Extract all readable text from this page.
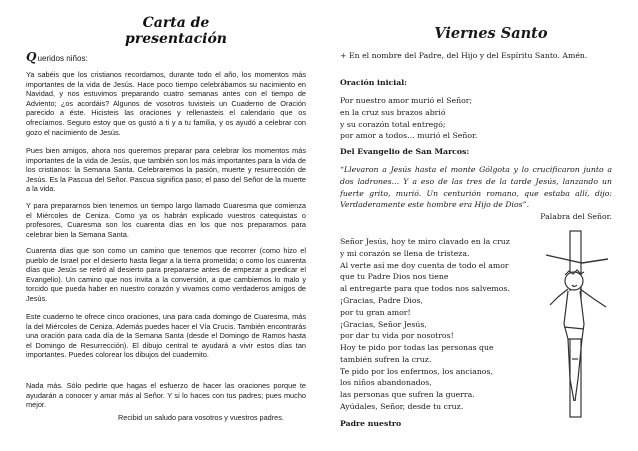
Carta de presentación
Queridos niños:

Ya sabéis que los cristianos recordamos, durante todo el año, los momentos más importantes de la vida de Jesús. Hace poco tiempo celebrábamos su nacimiento en Navidad, y nos estuvimos preparando cuatro semanas antes con el tiempo de Adviento; ¿os acordáis? Algunos de vosotros tuvisteis un Cuaderno de Oración parecido a éste. Hicisteis las oraciones y rellenasteis el calendario que os ofrecíamos. Seguro estoy que os gustó a ti y a tu familia, y os ayudó a celebrar con gozo el nacimiento de Jesús.

Pues bien amigos, ahora nos queremos preparar para celebrar los momentos más importantes de la vida de Jesús, que también son los más importantes para la vida de los cristianos: la Semana Santa. Celebraremos la pasión, muerte y resurrección de Jesús. Es la Pascua del Señor. Pascua significa paso; el paso del Señor de la muerte a la vida.

Y para prepararnos bien tenemos un tiempo largo llamado Cuaresma que comienza el Miércoles de Ceniza. Como ya os habrán explicado vuestros catequistas o profesores, Cuaresma son los cuarenta días en los que nos preparamos para celebrar bien la Semana Santa.

Cuarenta días que son como un camino que tenemos que recorrer (como hizo el pueblo de Israel por el desierto hasta llegar a la tierra prometida; o como los cuarenta días que Jesús se retiró al desierto para prepararse antes de empezar a predicar el Evangelio). Un camino que nos invita a la conversión, a que cambiemos lo malo y torcido que pueda haber en nuestro corazón y vivamos como verdaderos amigos de Jesús.

Este cuaderno te ofrece cinco oraciones, una para cada domingo de Cuaresma, más la del Miércoles de Ceniza. Además puedes hacer el Vía Crucis. También encontrarás una oración para cada día de la Semana Santa (desde el Domingo de Ramos hasta el Domingo de Resurrección). El dibujo central te ayudará a vivir estos días tan importantes. Puedes colorear los dibujos del cuadernito.

Nada más. Sólo pedirte que hagas el esfuerzo de hacer las oraciones porque te ayudarán a conocer y amar más al Señor. Y si lo haces con tus padres; pues mucho mejor.

Recibid un saludo para vosotros y vuestros padres.
Viernes Santo

+ En el nombre del Padre, del Hijo y del Espíritu Santo. Amén.

Oración inicial:

Por nuestro amor murió el Señor;
en la cruz sus brazos abrió
y su corazón total entregó;
por amor a todos… murió el Señor.

Del Evangelio de San Marcos:

“Llevaron a Jesús hasta el monte Gólgota y lo crucificaron junto a dos ladrones… Y a eso de las tres de la tarde Jesús, lanzando un fuerte grito, murió. Un centurión romano, que estaba allí, dijo: Verdaderamente este hombre era Hijo de Dios”.

Palabra del Señor.

Señor Jesús, hoy te miro clavado en la cruz
y mi corazón se llena de tristeza.
Al verte así me doy cuenta de todo el amor
que tu Padre Dios nos tiene
al entregarte para que todos nos salvemos.
¡Gracias, Padre Dios,
por tu gran amor!
¡Gracias, Señor Jesús,
por dar tu vida por nosotros!
Hoy te pido por todas las personas que
también sufren la cruz.
Te pido por los enfermos, los ancianos,
los niños abandonados,
las personas que sufren la guerra.
Ayúdales, Señor, desde tu cruz.

Padre nuestro
